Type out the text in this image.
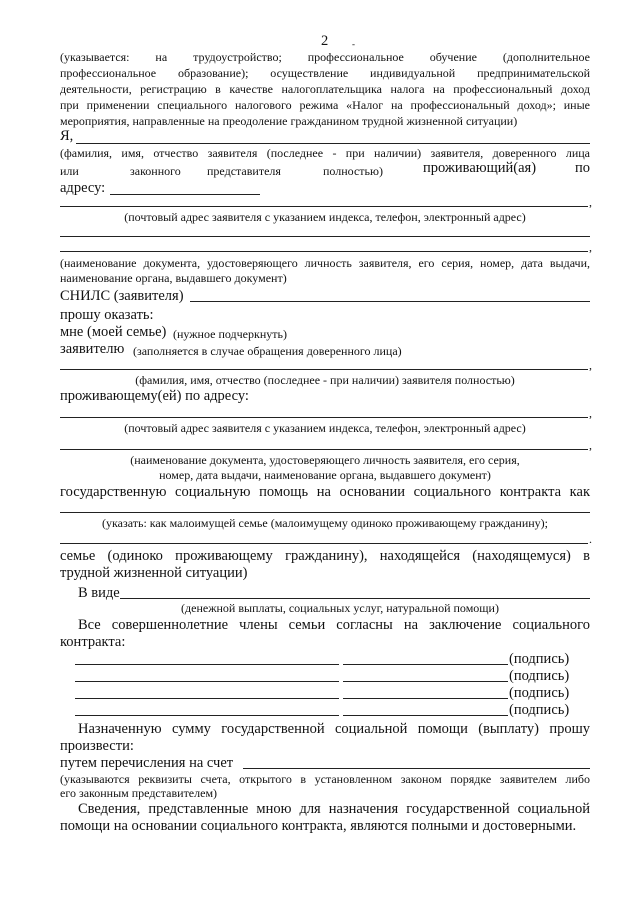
2	-
(указывается: на трудоустройство; профессиональное обучение (дополнительное
профессиональное образование); осуществление индивидуальной предпринимательской
деятельности, регистрацию в качестве налогоплательщика налога на профессиональный доход
при применении специального налогового режима «Налог на профессиональный доход»; иные
мероприятия, направленные на преодоление гражданином трудной жизненной ситуации)
Я,
(фамилия, имя, отчество заявителя (последнее - при наличии) заявителя, доверенного лица
или	законного представителя	полностью)	проживающий(ая)	по
адресу:
,
(почтовый адрес заявителя с указанием индекса, телефон, электронный адрес)
,
(наименование документа, удостоверяющего личность заявителя, его серия, номер, дата выдачи,
наименование органа, выдавшего документ)
СНИЛС (заявителя)
прошу оказать:
мне (моей семье) (нужное подчеркнуть)
заявителю (заполняется в случае обращения доверенного лица)
,
(фамилия, имя, отчество (последнее - при наличии) заявителя полностью)
проживающему(ей) по адресу:
,
(почтовый адрес заявителя с указанием индекса, телефон, электронный адрес)
,
(наименование документа, удостоверяющего личность заявителя, его серия,
номер, дата выдачи, наименование органа, выдавшего документ)
государственную социальную помощь на основании социального контракта как
(указать: как малоимущей семье (малоимущему одиноко проживающему гражданину);
.
семье (одиноко проживающему гражданину), находящейся (находящемуся) в
трудной жизненной ситуации)
В виде
(денежной выплаты, социальных услуг, натуральной помощи)
Все совершеннолетние члены семьи согласны на заключение социального
контракта:
(подпись)
(подпись)
(подпись)
(подпись)
Назначенную сумму государственной социальной помощи (выплату) прошу
произвести:
путем перечисления на счет
(указываются реквизиты счета, открытого в установленном законом порядке заявителем либо
его законным представителем)
Сведения, представленные мною для назначения государственной социальной
помощи на основании социального контракта, являются полными и достоверными.
